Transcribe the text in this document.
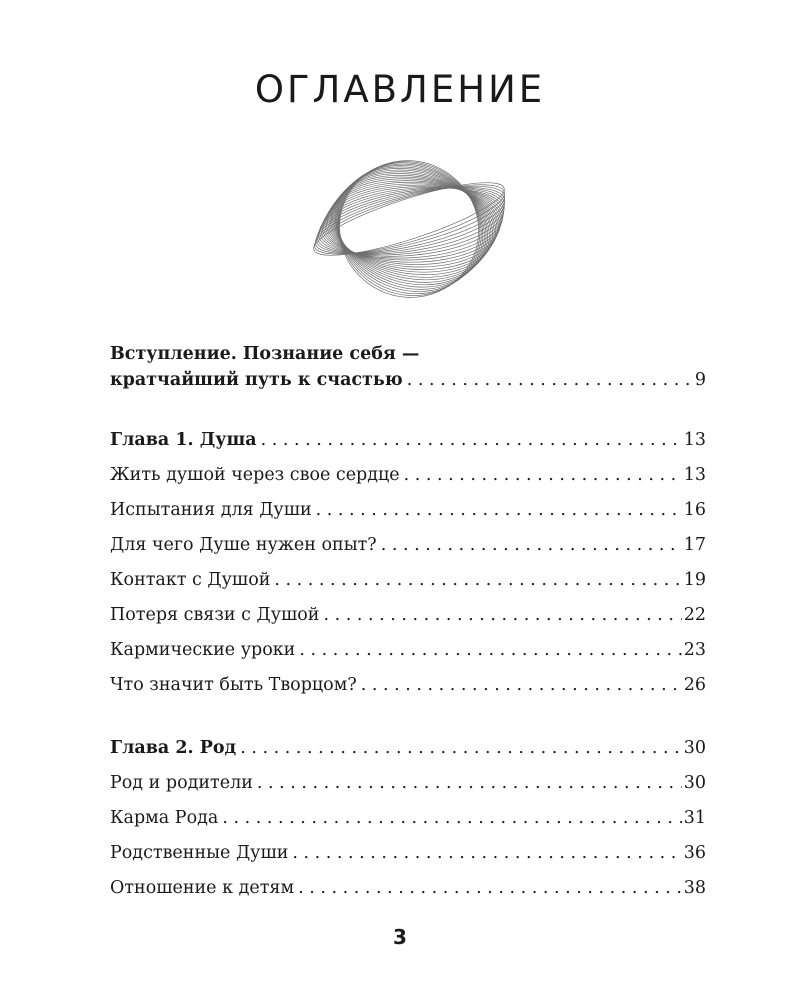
ОГЛАВЛЕНИЕ
Вступление. Познание себя —
кратчайший путь к счастью . . .	9
Глава 1. Душа . . .	13
Жить душой через свое сердце . . .	13
Испытания для Души . . .	16
Для чего Душе нужен опыт? . . .	17
Контакт с Душой . . .	19
Потеря связи с Душой . . .	22
Кармические уроки . . .	23
Что значит быть Творцом? . . .	26
Глава 2. Род . . .	30
Род и родители . . .	30
Карма Рода . . .	31
Родственные Души . . .	36
Отношение к детям . . .	38
3
